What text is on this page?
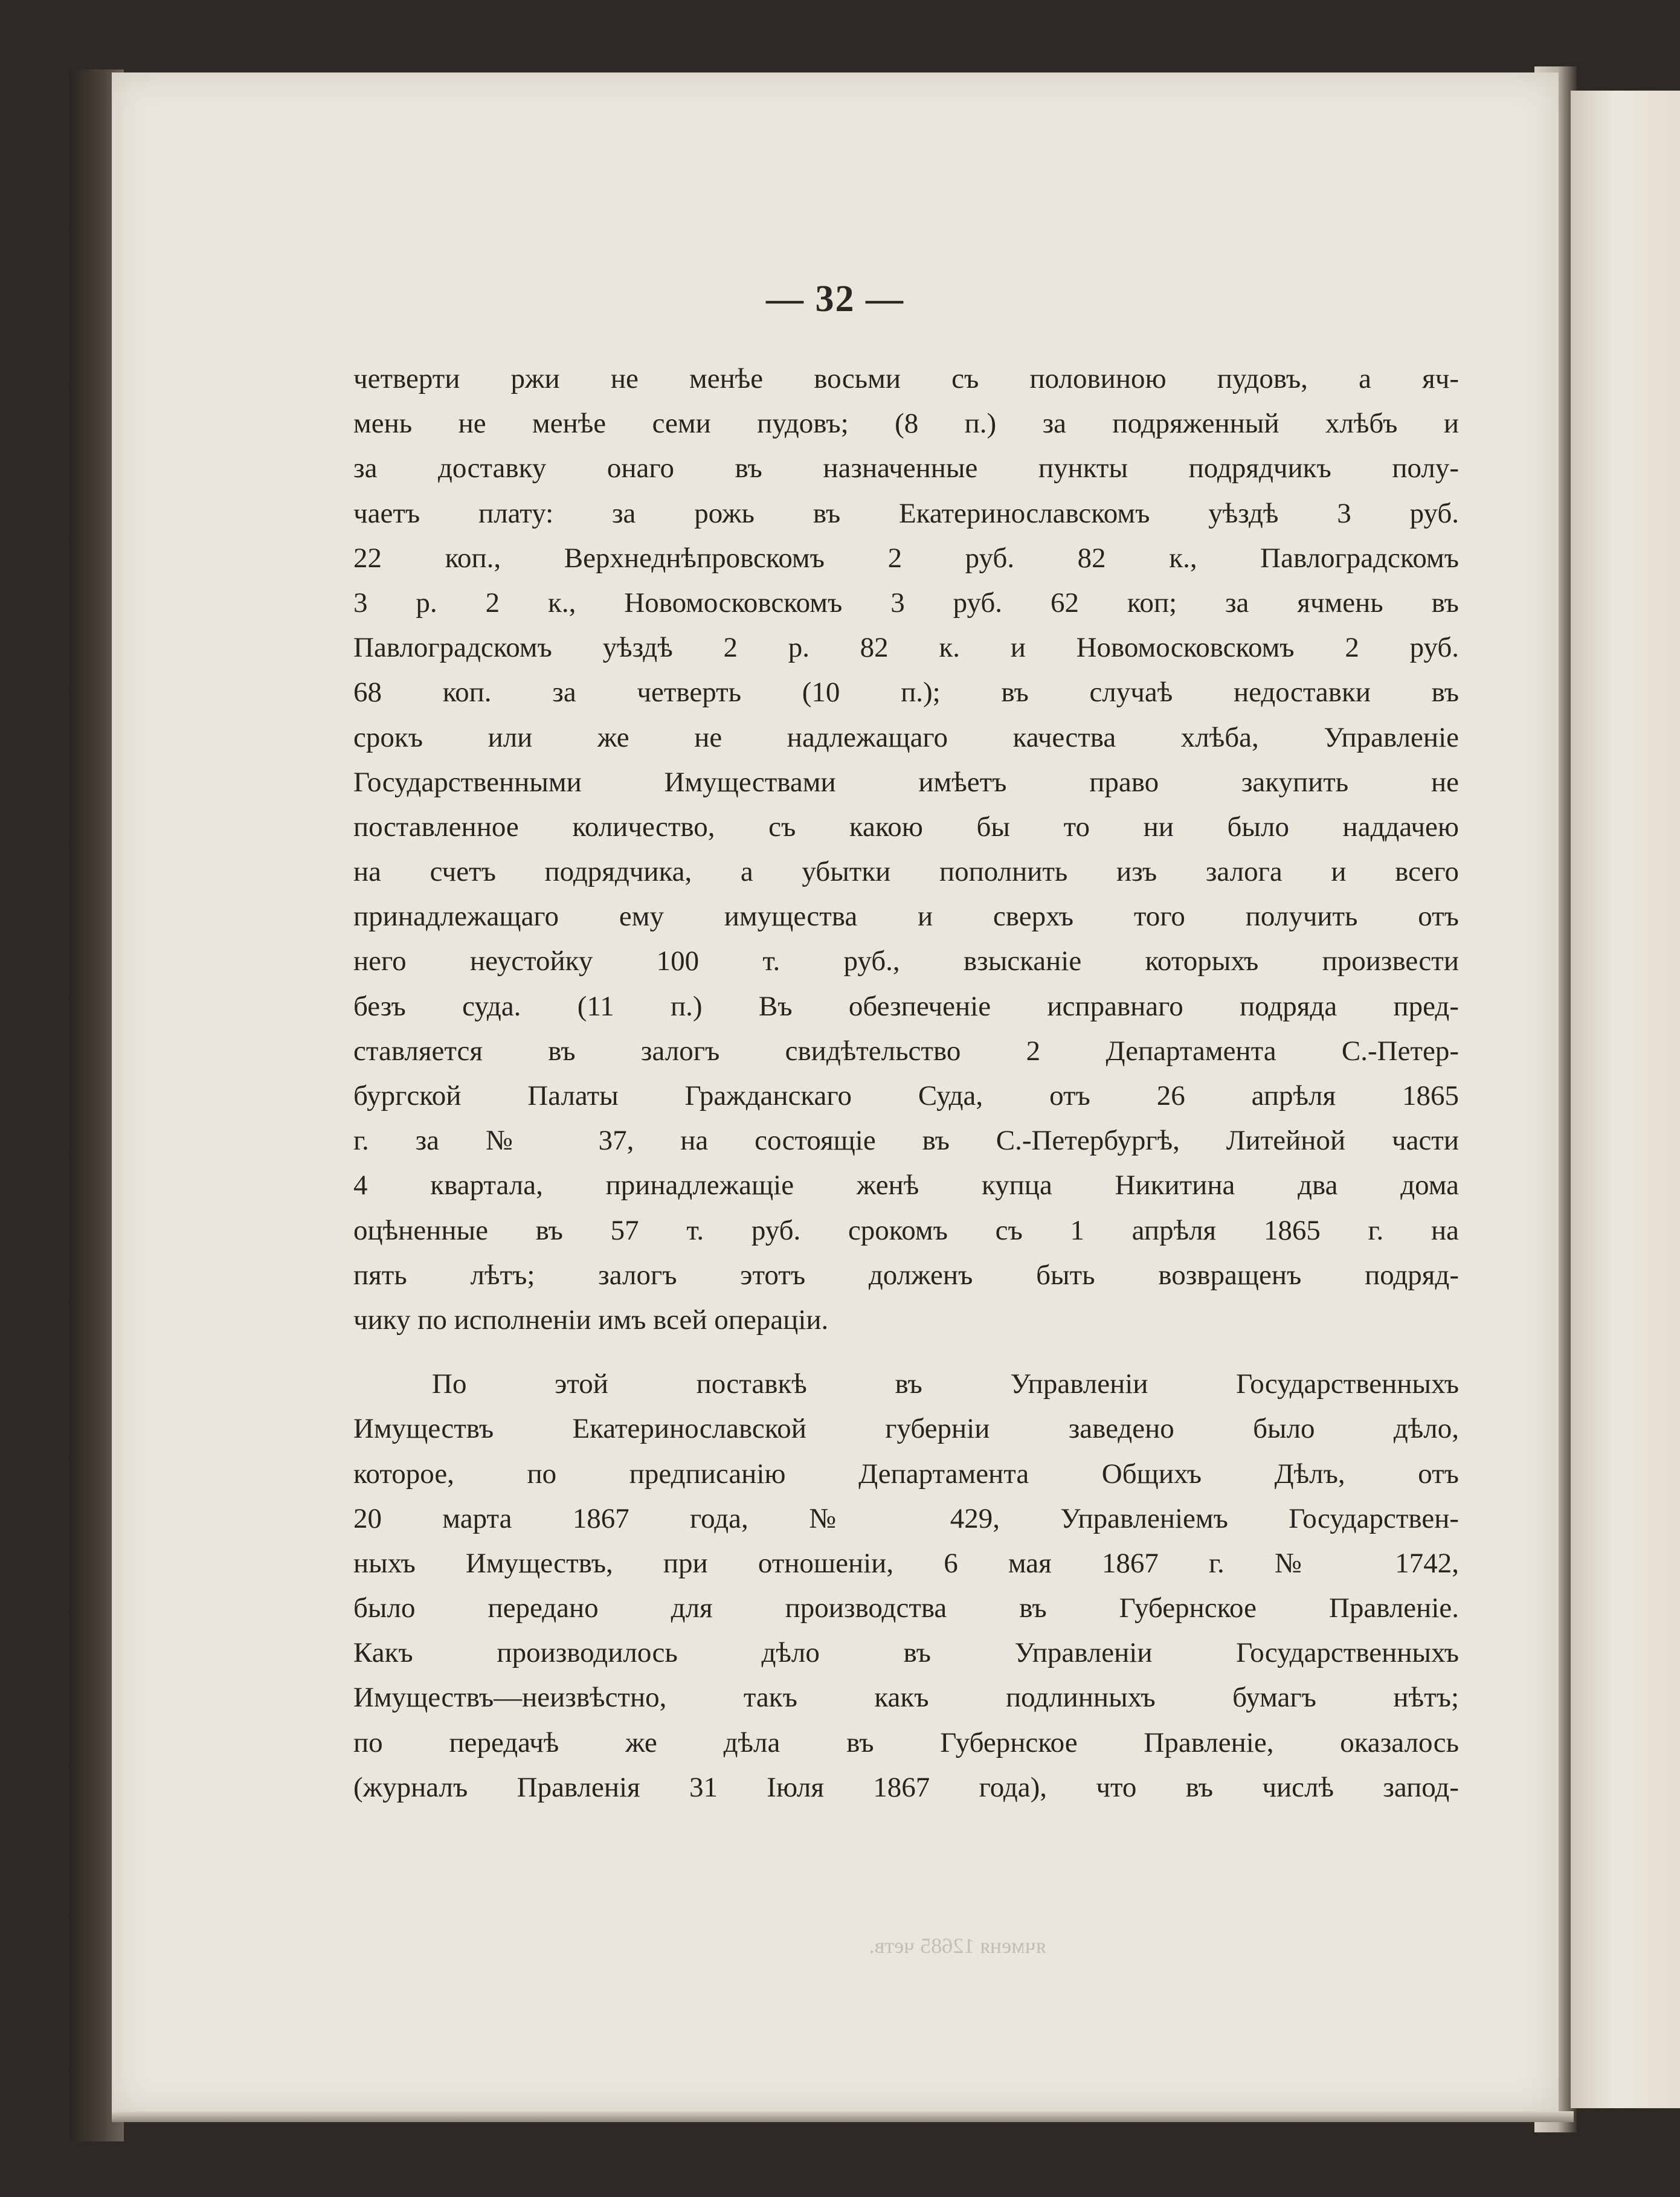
— 32 —
четверти ржи не менѣе восьми съ половиною пудовъ, а яч-
мень не менѣе семи пудовъ; (8 п.) за подряженный хлѣбъ и
за доставку онаго въ назначенные пункты подрядчикъ полу-
чаетъ плату: за рожь въ Екатеринославскомъ уѣздѣ 3 руб.
22 коп., Верхнеднѣпровскомъ 2 руб. 82 к., Павлоградскомъ
3 р. 2 к., Новомосковскомъ 3 руб. 62 коп; за ячмень въ
Павлоградскомъ уѣздѣ 2 р. 82 к. и Новомосковскомъ 2 руб.
68 коп. за четверть (10 п.); въ случаѣ недоставки въ
срокъ или же не надлежащаго качества хлѣба, Управленіе
Государственными Имуществами имѣетъ право закупить не
поставленное количество, съ какою бы то ни было наддачею
на счетъ подрядчика, а убытки пополнить изъ залога и всего
принадлежащаго ему имущества и сверхъ того получить отъ
него неустойку 100 т. руб., взысканіе которыхъ произвести
безъ суда. (11 п.) Въ обезпеченіе исправнаго подряда пред-
ставляется въ залогъ свидѣтельство 2 Департамента С.-Петер-
бургской Палаты Гражданскаго Суда, отъ 26 апрѣля 1865
г. за № 37, на состоящіе въ С.-Петербургѣ, Литейной части
4 квартала, принадлежащіе женѣ купца Никитина два дома
оцѣненные въ 57 т. руб. срокомъ съ 1 апрѣля 1865 г. на
пять лѣтъ; залогъ этотъ долженъ быть возвращенъ подряд-
чику по исполненіи имъ всей операціи.
По этой поставкѣ въ Управленіи Государственныхъ
Имуществъ Екатеринославской губерніи заведено было дѣло,
которое, по предписанію Департамента Общихъ Дѣлъ, отъ
20 марта 1867 года, № 429, Управленіемъ Государствен-
ныхъ Имуществъ, при отношеніи, 6 мая 1867 г. № 1742,
было передано для производства въ Губернское Правленіе.
Какъ производилось дѣло въ Управленіи Государственныхъ
Имуществъ—неизвѣстно, такъ какъ подлинныхъ бумагъ нѣтъ;
по передачѣ же дѣла въ Губернское Правленіе, оказалось
(журналъ Правленія 31 Іюля 1867 года), что въ числѣ запод-
ячменя 12685 четв.
